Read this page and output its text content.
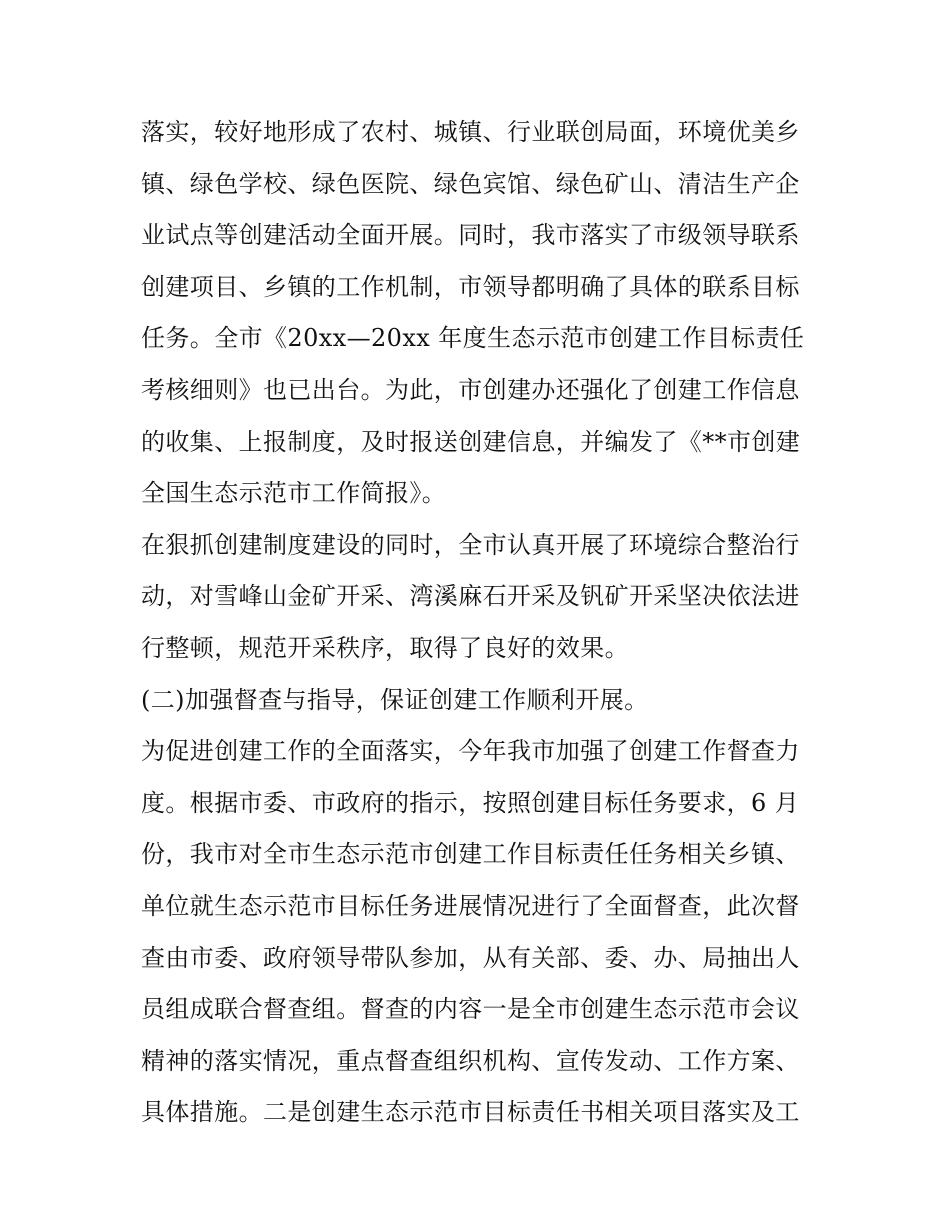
落实，较好地形成了农村、城镇、行业联创局面，环境优美乡
镇、绿色学校、绿色医院、绿色宾馆、绿色矿山、清洁生产企
业试点等创建活动全面开展。同时，我市落实了市级领导联系
创建项目、乡镇的工作机制，市领导都明确了具体的联系目标
任务。全市《20xx—20xx 年度生态示范市创建工作目标责任
考核细则》也已出台。为此，市创建办还强化了创建工作信息
的收集、上报制度，及时报送创建信息，并编发了《**市创建
全国生态示范市工作简报》。
在狠抓创建制度建设的同时，全市认真开展了环境综合整治行
动，对雪峰山金矿开采、湾溪麻石开采及钒矿开采坚决依法进
行整顿，规范开采秩序，取得了良好的效果。
(二)加强督查与指导，保证创建工作顺利开展。
为促进创建工作的全面落实，今年我市加强了创建工作督查力
度。根据市委、市政府的指示，按照创建目标任务要求，6 月
份，我市对全市生态示范市创建工作目标责任任务相关乡镇、
单位就生态示范市目标任务进展情况进行了全面督查，此次督
查由市委、政府领导带队参加，从有关部、委、办、局抽出人
员组成联合督查组。督查的内容一是全市创建生态示范市会议
精神的落实情况，重点督查组织机构、宣传发动、工作方案、
具体措施。二是创建生态示范市目标责任书相关项目落实及工
